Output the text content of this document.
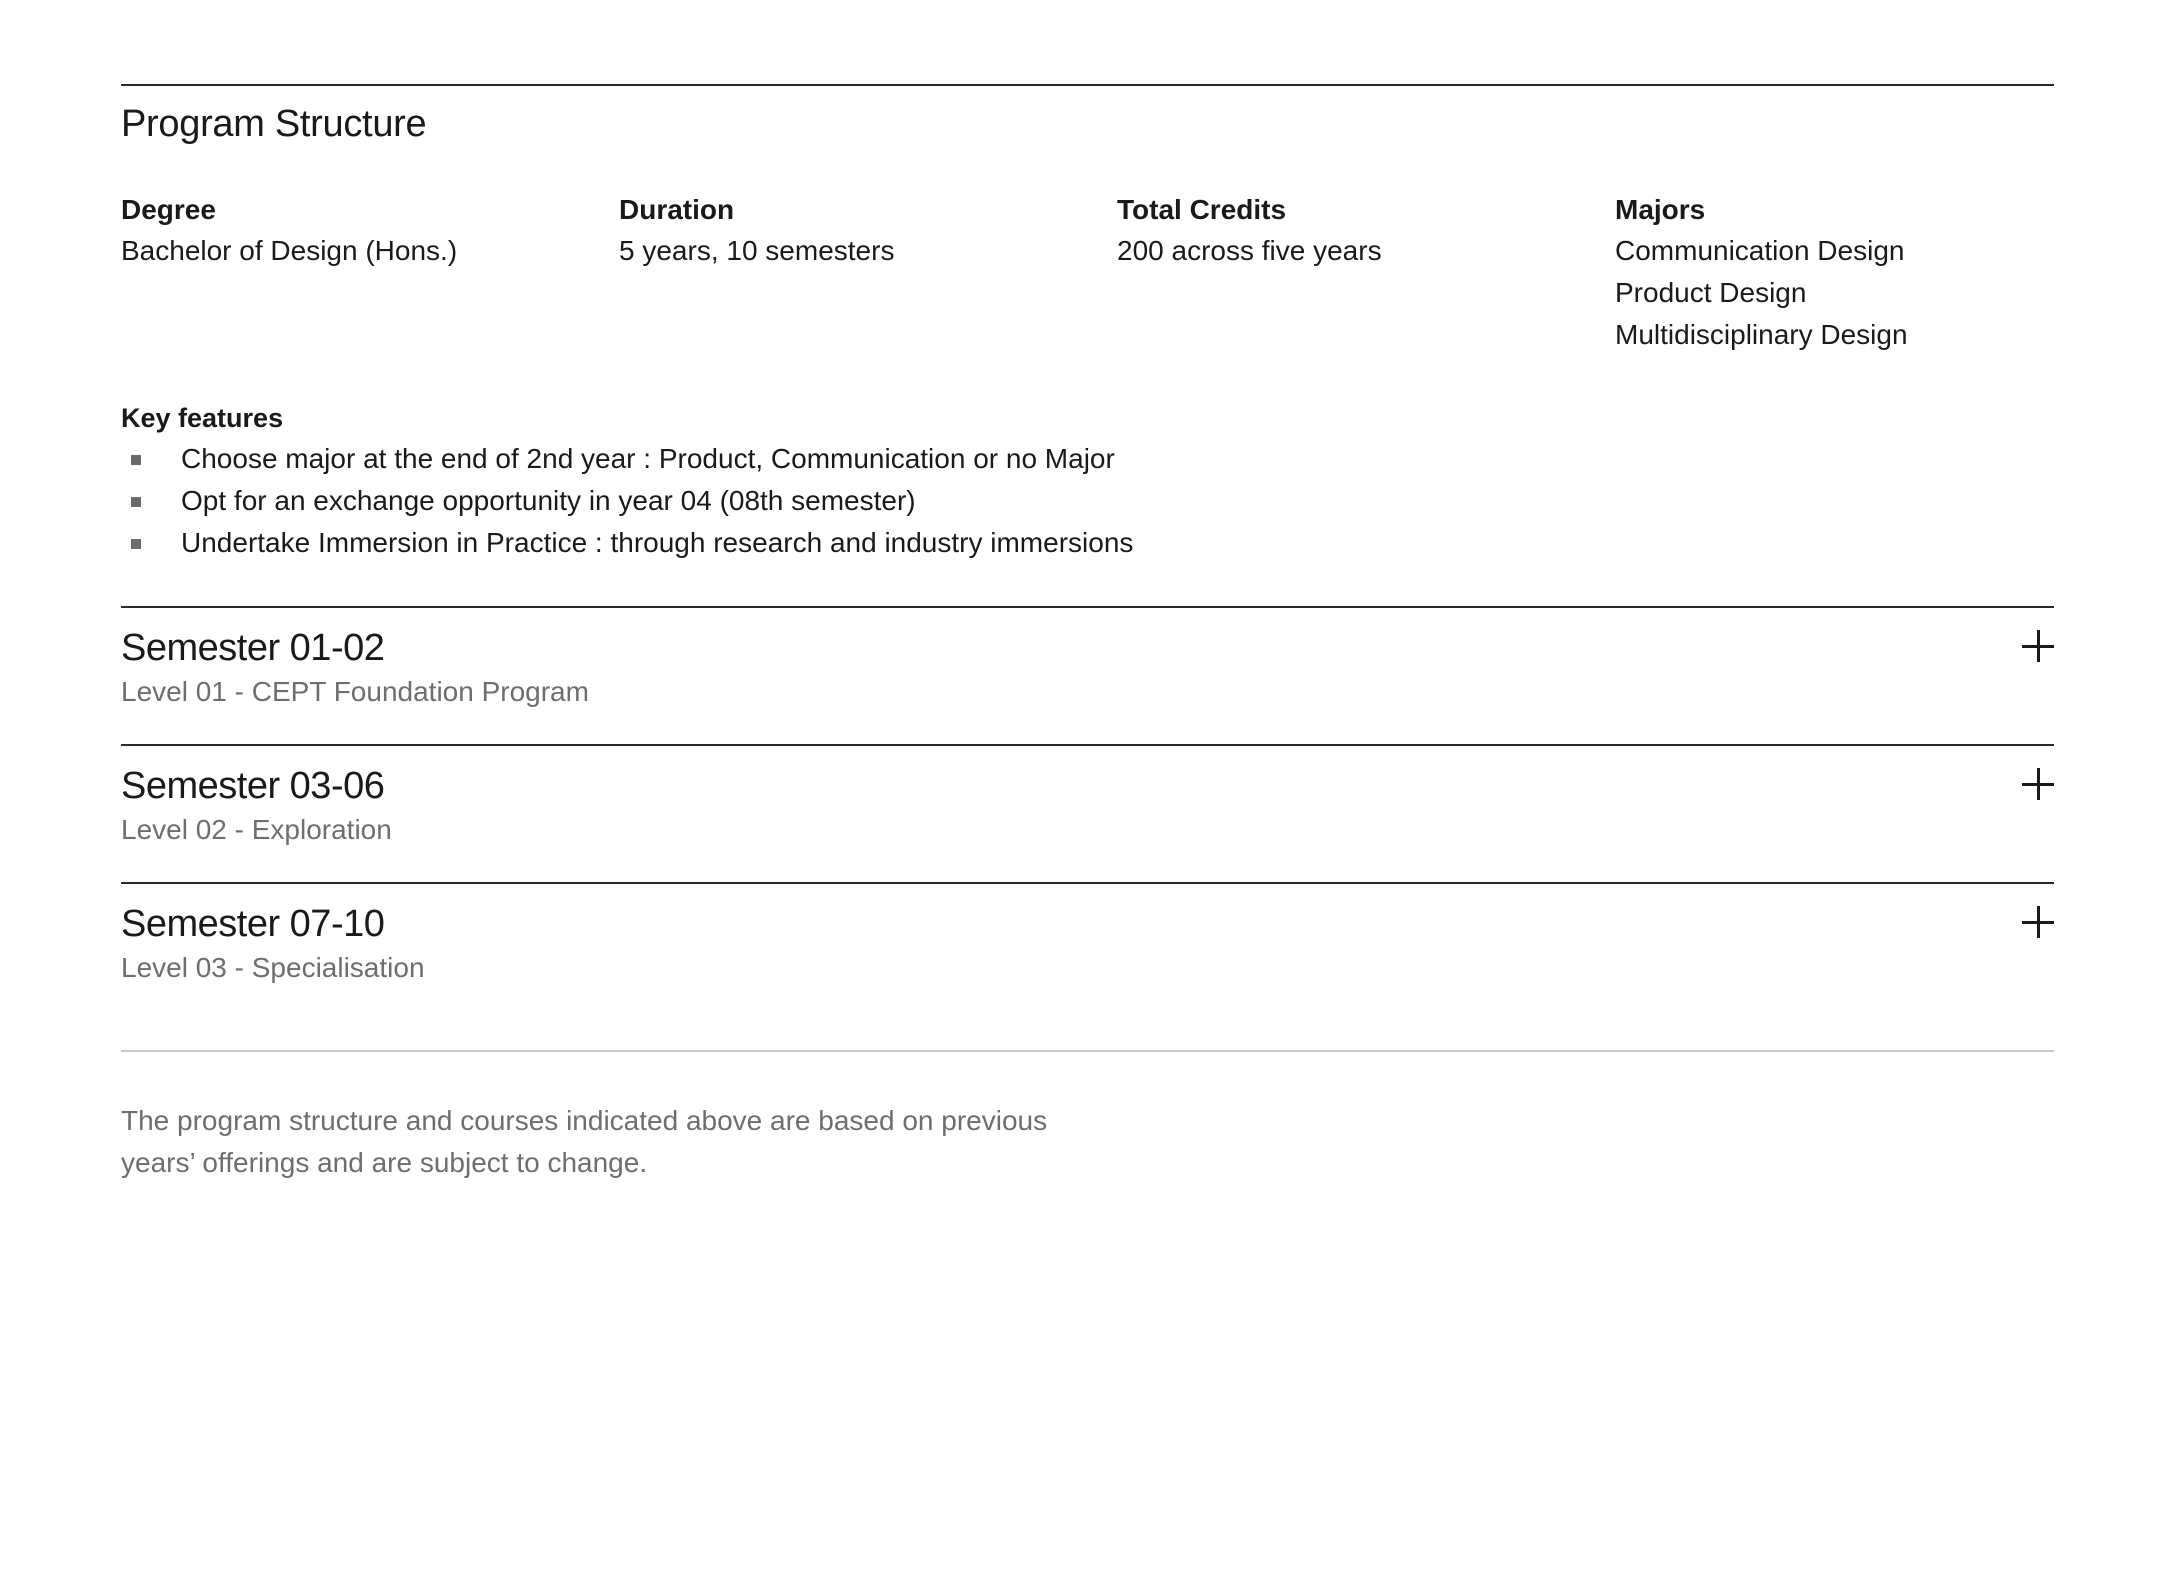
Program Structure
Degree
Bachelor of Design (Hons.)
Duration
5 years, 10 semesters
Total Credits
200 across five years
Majors
Communication Design
Product Design
Multidisciplinary Design
Key features
Choose major at the end of 2nd year : Product, Communication or no Major
Opt for an exchange opportunity in year 04 (08th semester)
Undertake Immersion in Practice : through research and industry immersions
Semester 01-02
Level 01 - CEPT Foundation Program
Semester 03-06
Level 02 - Exploration
Semester 07-10
Level 03 - Specialisation
The program structure and courses indicated above are based on previous
years’ offerings and are subject to change.
